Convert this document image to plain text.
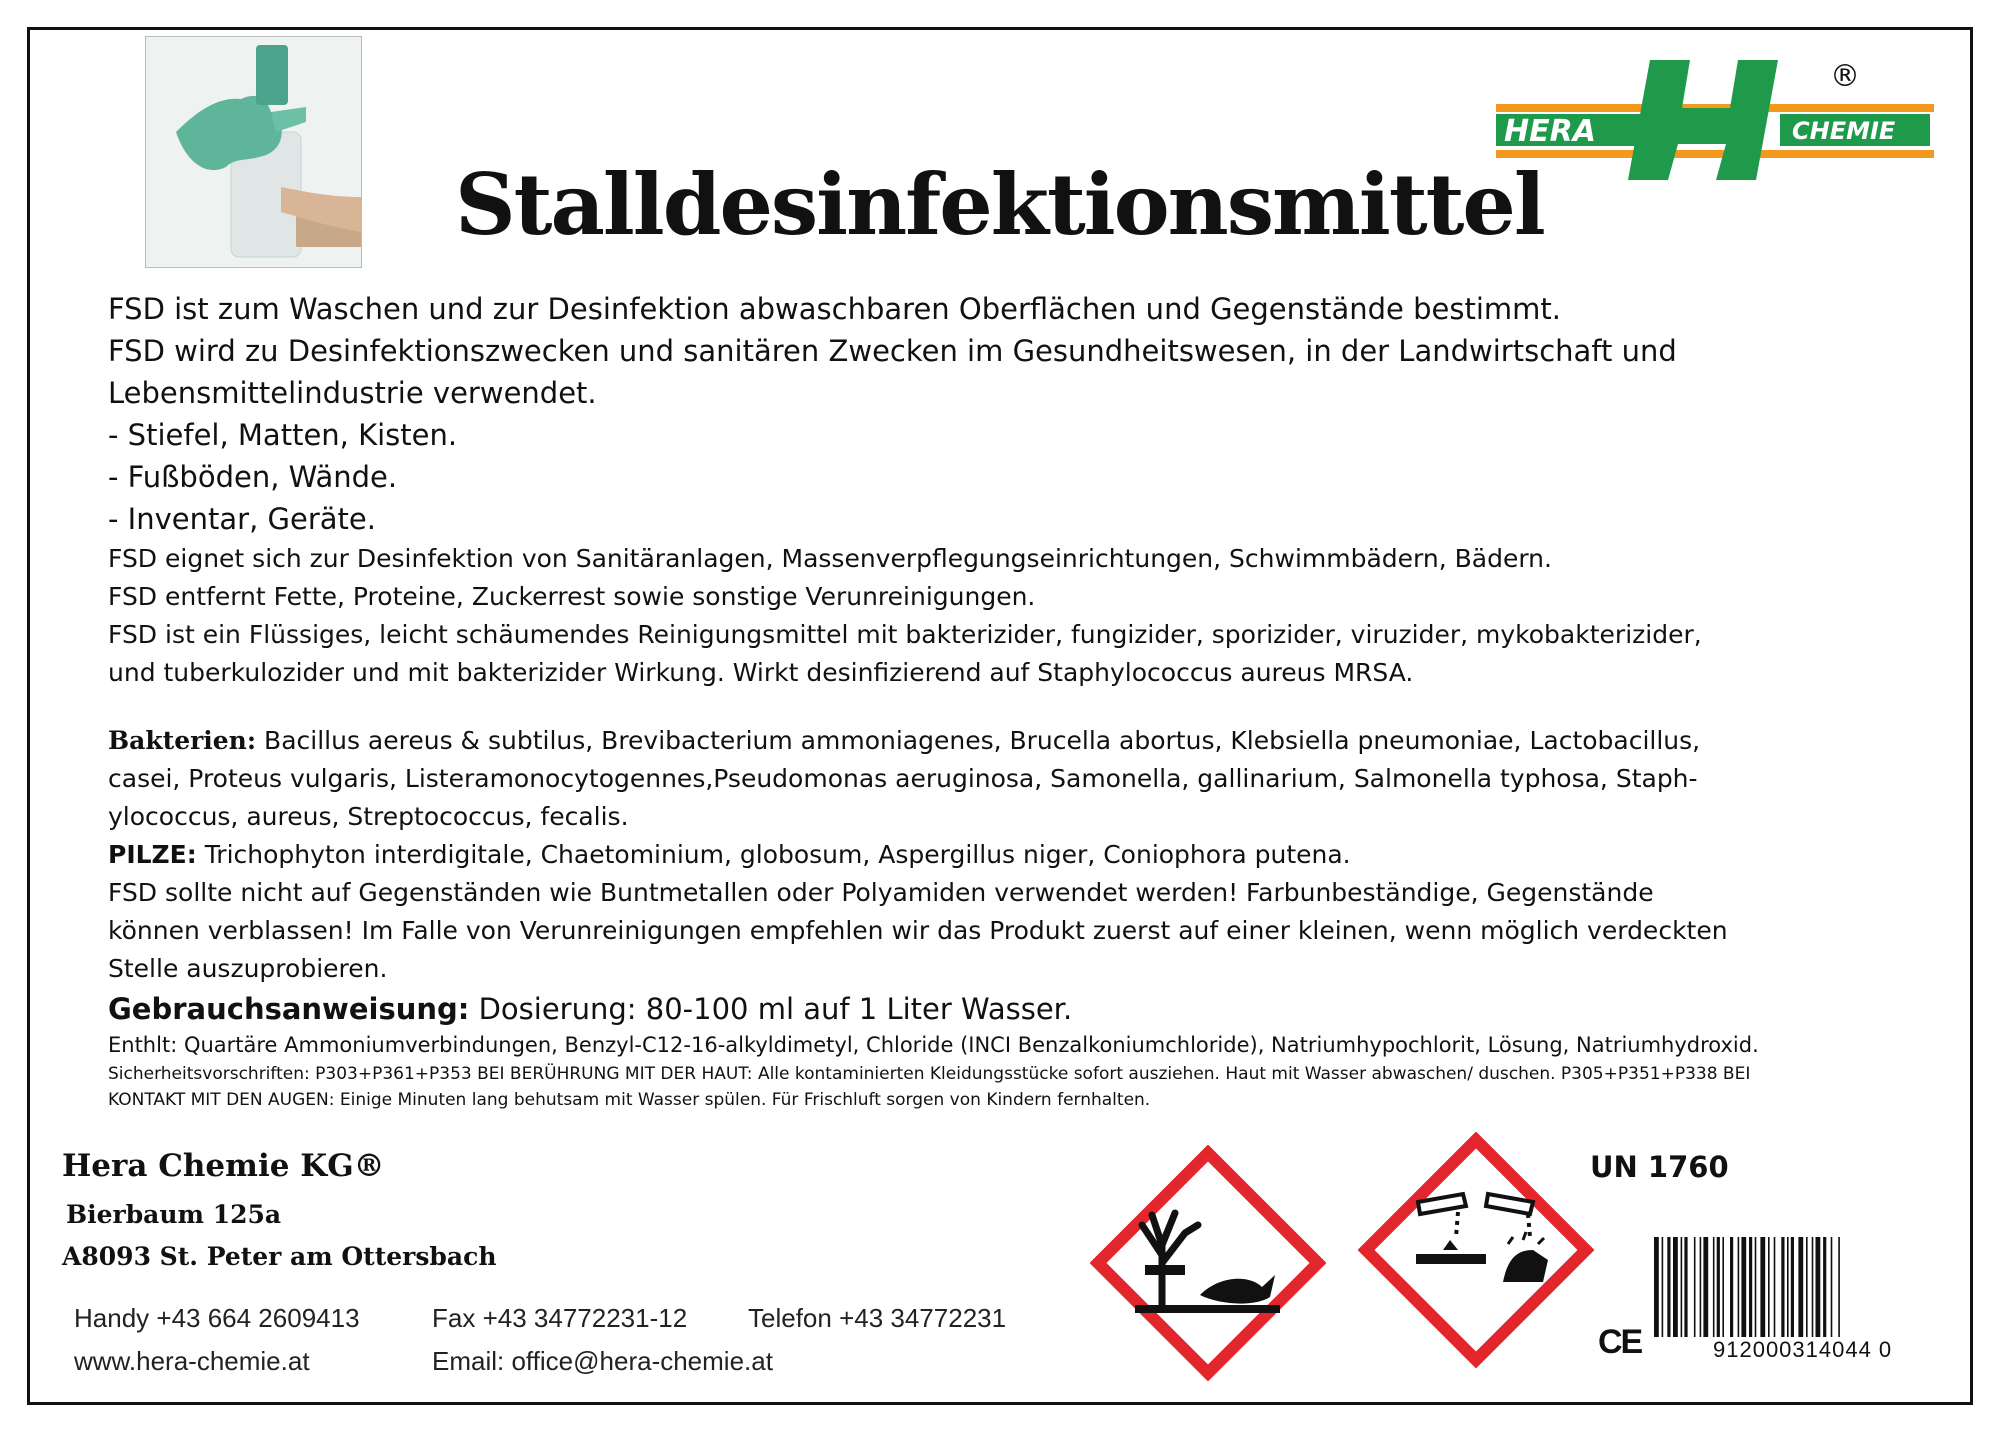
HERA	CHEMIE
®
Stalldesinfektionsmittel

FSD ist zum Waschen und zur Desinfektion abwaschbaren Oberflächen und Gegenstände bestimmt.

FSD wird zu Desinfektionszwecken und sanitären Zwecken im Gesundheitswesen, in der Landwirtschaft und

Lebensmittelindustrie verwendet.

- Stiefel, Matten, Kisten.

- Fußböden, Wände.

- Inventar, Geräte.

FSD eignet sich zur Desinfektion von Sanitäranlagen, Massenverpflegungseinrichtungen, Schwimmbädern, Bädern.

FSD entfernt Fette, Proteine, Zuckerrest sowie sonstige Verunreinigungen.

FSD ist ein Flüssiges, leicht schäumendes Reinigungsmittel mit bakterizider, fungizider, sporizider, viruzider, mykobakterizider,

und tuberkulozider und mit bakterizider Wirkung. Wirkt desinfizierend auf Staphylococcus aureus MRSA.

Bakterien: Bacillus aereus & subtilus, Brevibacterium ammoniagenes, Brucella abortus, Klebsiella pneumoniae, Lactobacillus,

casei, Proteus vulgaris, Listeramonocytogennes,Pseudomonas aeruginosa, Samonella, gallinarium, Salmonella typhosa, Staph-

ylococcus, aureus, Streptococcus, fecalis.

PILZE: Trichophyton interdigitale, Chaetominium, globosum, Aspergillus niger, Coniophora putena.

FSD sollte nicht auf Gegenständen wie Buntmetallen oder Polyamiden verwendet werden! Farbunbeständige, Gegenstände

können verblassen! Im Falle von Verunreinigungen empfehlen wir das Produkt zuerst auf einer kleinen, wenn möglich verdeckten

Stelle auszuprobieren.

Gebrauchsanweisung: Dosierung: 80-100 ml auf 1 Liter Wasser.

Enthlt: Quartäre Ammoniumverbindungen, Benzyl-C12-16-alkyldimetyl, Chloride (INCI Benzalkoniumchloride), Natriumhypochlorit, Lösung, Natriumhydroxid.

Sicherheitsvorschriften: P303+P361+P353 BEI BERÜHRUNG MIT DER HAUT: Alle kontaminierten Kleidungsstücke sofort ausziehen. Haut mit Wasser abwaschen/ duschen. P305+P351+P338 BEI

KONTAKT MIT DEN AUGEN: Einige Minuten lang behutsam mit Wasser spülen. Für Frischluft sorgen von Kindern fernhalten.

Hera Chemie KG®
Bierbaum 125a
A8093 St. Peter am Ottersbach
Handy +43 664 2609413	Fax +43 34772231-12 Telefon +43 34772231
www.hera-chemie.at	Email: office@hera-chemie.at
UN 1760
912000314044 0
CE
